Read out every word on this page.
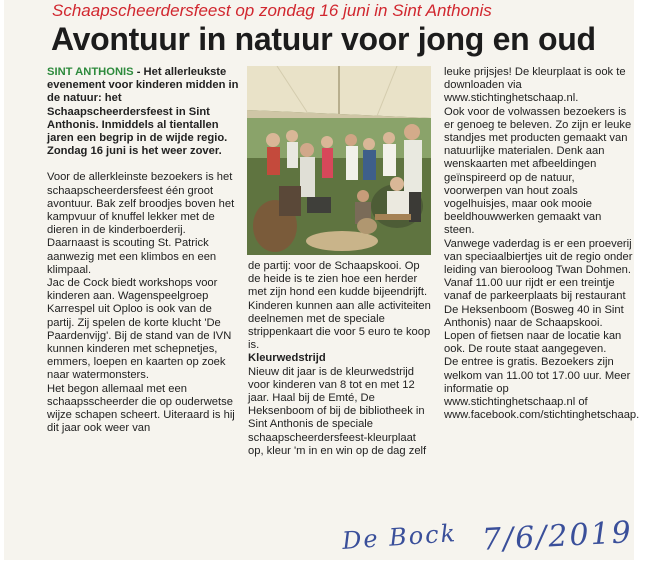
Schaapscheerdersfeest op zondag 16 juni in Sint Anthonis
Avontuur in natuur voor jong en oud

SINT ANTHONIS - Het allerleukste evenement voor kinderen midden in de natuur: het Schaapscheerdersfeest in Sint Anthonis. Inmiddels al tientallen jaren een begrip in de wijde regio. Zondag 16 juni is het weer zover.

Voor de allerkleinste bezoekers is het schaapscheerdersfeest één groot avontuur. Bak zelf broodjes boven het kampvuur of knuffel lekker met de dieren in de kinderboerderij. Daarnaast is scouting St. Patrick aanwezig met een klimbos en een klimpaal.

Jac de Cock biedt workshops voor kinderen aan. Wagenspeelgroep Karrespel uit Oploo is ook van de partij. Zij spelen de korte klucht 'De Paardenvijg'. Bij de stand van de IVN kunnen kinderen met schepnetjes, emmers, loepen en kaarten op zoek naar watermonsters.

Het begon allemaal met een schaapsscheerder die op ouderwetse wijze schapen scheert. Uiteraard is hij dit jaar ook weer van

de partij: voor de Schaapskooi. Op de heide is te zien hoe een herder met zijn hond een kudde bijeendrijft.

Kinderen kunnen aan alle activiteiten deelnemen met de speciale strippenkaart die voor 5 euro te koop is.

Kleurwedstrijd

Nieuw dit jaar is de kleurwedstrijd voor kinderen van 8 tot en met 12 jaar. Haal bij de Emté, De Heksenboom of bij de bibliotheek in Sint Anthonis de speciale schaapscheerdersfeest-kleurplaat op, kleur 'm in en win op de dag zelf

leuke prijsjes! De kleurplaat is ook te downloaden via www.stichtinghetschaap.nl.

Ook voor de volwassen bezoekers is er genoeg te beleven. Zo zijn er leuke standjes met producten gemaakt van natuurlijke materialen. Denk aan wenskaarten met afbeeldingen geïnspireerd op de natuur, voorwerpen van hout zoals vogelhuisjes, maar ook mooie beeldhouwwerken gemaakt van steen.

Vanwege vaderdag is er een proeverij van speciaalbiertjes uit de regio onder leiding van bierooloog Twan Dohmen.

Vanaf 11.00 uur rijdt er een treintje vanaf de parkeerplaats bij restaurant De Heksenboom (Bosweg 40 in Sint Anthonis) naar de Schaapskooi. Lopen of fietsen naar de locatie kan ook. De route staat aangegeven.

De entree is gratis. Bezoekers zijn welkom van 11.00 tot 17.00 uur. Meer informatie op www.stichtinghetschaap.nl of www.facebook.com/stichtinghetschaap.

De Bock 7/6/2019
